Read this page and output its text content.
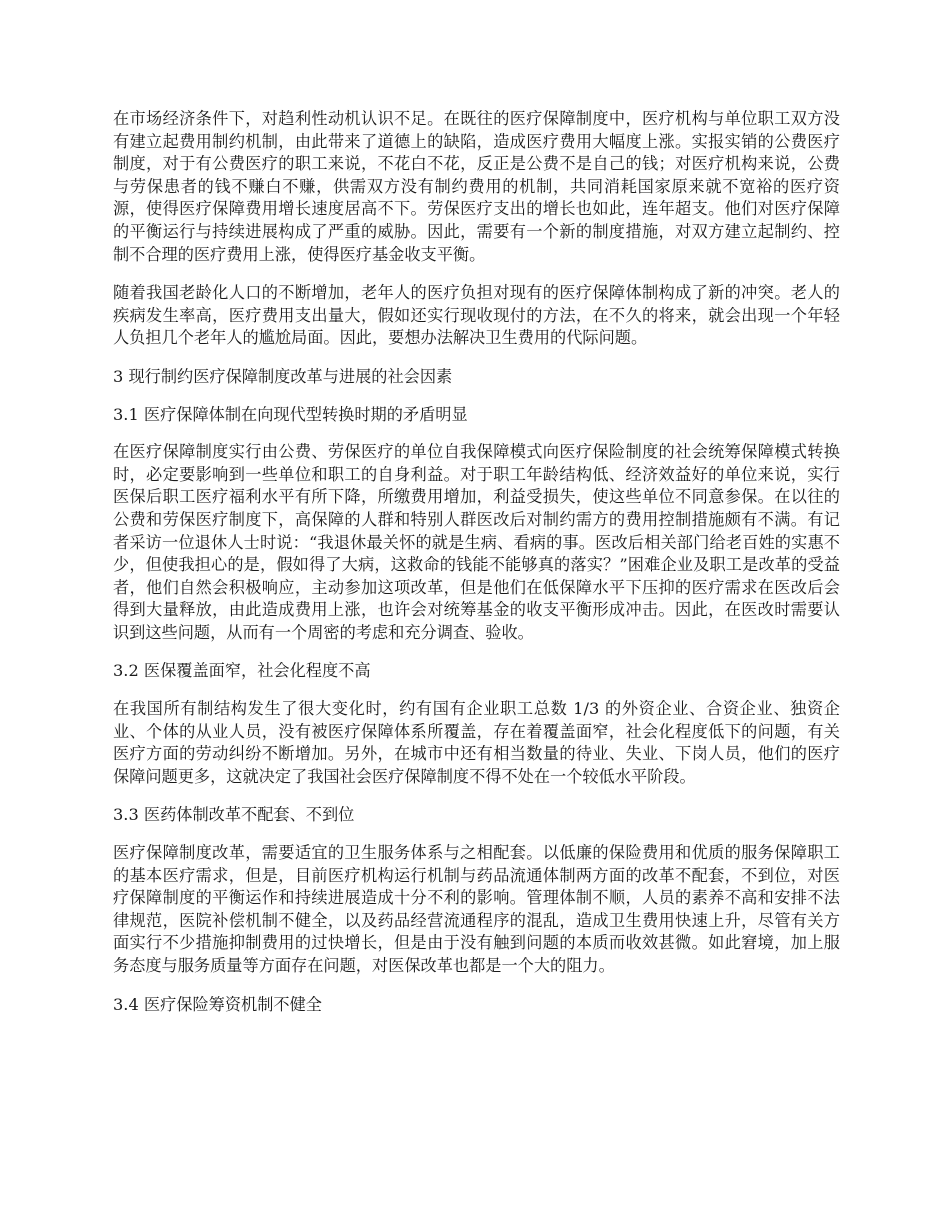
在市场经济条件下，对趋利性动机认识不足。在既往的医疗保障制度中，医疗机构与单位职工双方没有建立起费用制约机制，由此带来了道德上的缺陷，造成医疗费用大幅度上涨。实报实销的公费医疗制度，对于有公费医疗的职工来说，不花白不花，反正是公费不是自己的钱；对医疗机构来说，公费与劳保患者的钱不赚白不赚，供需双方没有制约费用的机制，共同消耗国家原来就不宽裕的医疗资源，使得医疗保障费用增长速度居高不下。劳保医疗支出的增长也如此，连年超支。他们对医疗保障的平衡运行与持续进展构成了严重的威胁。因此，需要有一个新的制度措施，对双方建立起制约、控制不合理的医疗费用上涨，使得医疗基金收支平衡。

随着我国老龄化人口的不断增加，老年人的医疗负担对现有的医疗保障体制构成了新的冲突。老人的疾病发生率高，医疗费用支出量大，假如还实行现收现付的方法，在不久的将来，就会出现一个年轻人负担几个老年人的尴尬局面。因此，要想办法解决卫生费用的代际问题。

3 现行制约医疗保障制度改革与进展的社会因素

3.1 医疗保障体制在向现代型转换时期的矛盾明显

在医疗保障制度实行由公费、劳保医疗的单位自我保障模式向医疗保险制度的社会统筹保障模式转换时，必定要影响到一些单位和职工的自身利益。对于职工年龄结构低、经济效益好的单位来说，实行医保后职工医疗福利水平有所下降，所缴费用增加，利益受损失，使这些单位不同意参保。在以往的公费和劳保医疗制度下，高保障的人群和特别人群医改后对制约需方的费用控制措施颇有不满。有记者采访一位退休人士时说：“我退休最关怀的就是生病、看病的事。医改后相关部门给老百姓的实惠不少，但使我担心的是，假如得了大病，这救命的钱能不能够真的落实？”困难企业及职工是改革的受益者，他们自然会积极响应，主动参加这项改革，但是他们在低保障水平下压抑的医疗需求在医改后会得到大量释放，由此造成费用上涨，也许会对统筹基金的收支平衡形成冲击。因此，在医改时需要认识到这些问题，从而有一个周密的考虑和充分调查、验收。

3.2 医保覆盖面窄，社会化程度不高

在我国所有制结构发生了很大变化时，约有国有企业职工总数 1/3 的外资企业、合资企业、独资企业、个体的从业人员，没有被医疗保障体系所覆盖，存在着覆盖面窄，社会化程度低下的问题，有关医疗方面的劳动纠纷不断增加。另外，在城市中还有相当数量的待业、失业、下岗人员，他们的医疗保障问题更多，这就决定了我国社会医疗保障制度不得不处在一个较低水平阶段。

3.3 医药体制改革不配套、不到位

医疗保障制度改革，需要适宜的卫生服务体系与之相配套。以低廉的保险费用和优质的服务保障职工的基本医疗需求，但是，目前医疗机构运行机制与药品流通体制两方面的改革不配套，不到位，对医疗保障制度的平衡运作和持续进展造成十分不利的影响。管理体制不顺，人员的素养不高和安排不法律规范，医院补偿机制不健全，以及药品经营流通程序的混乱，造成卫生费用快速上升，尽管有关方面实行不少措施抑制费用的过快增长，但是由于没有触到问题的本质而收效甚微。如此窘境，加上服务态度与服务质量等方面存在问题，对医保改革也都是一个大的阻力。

3.4 医疗保险筹资机制不健全
